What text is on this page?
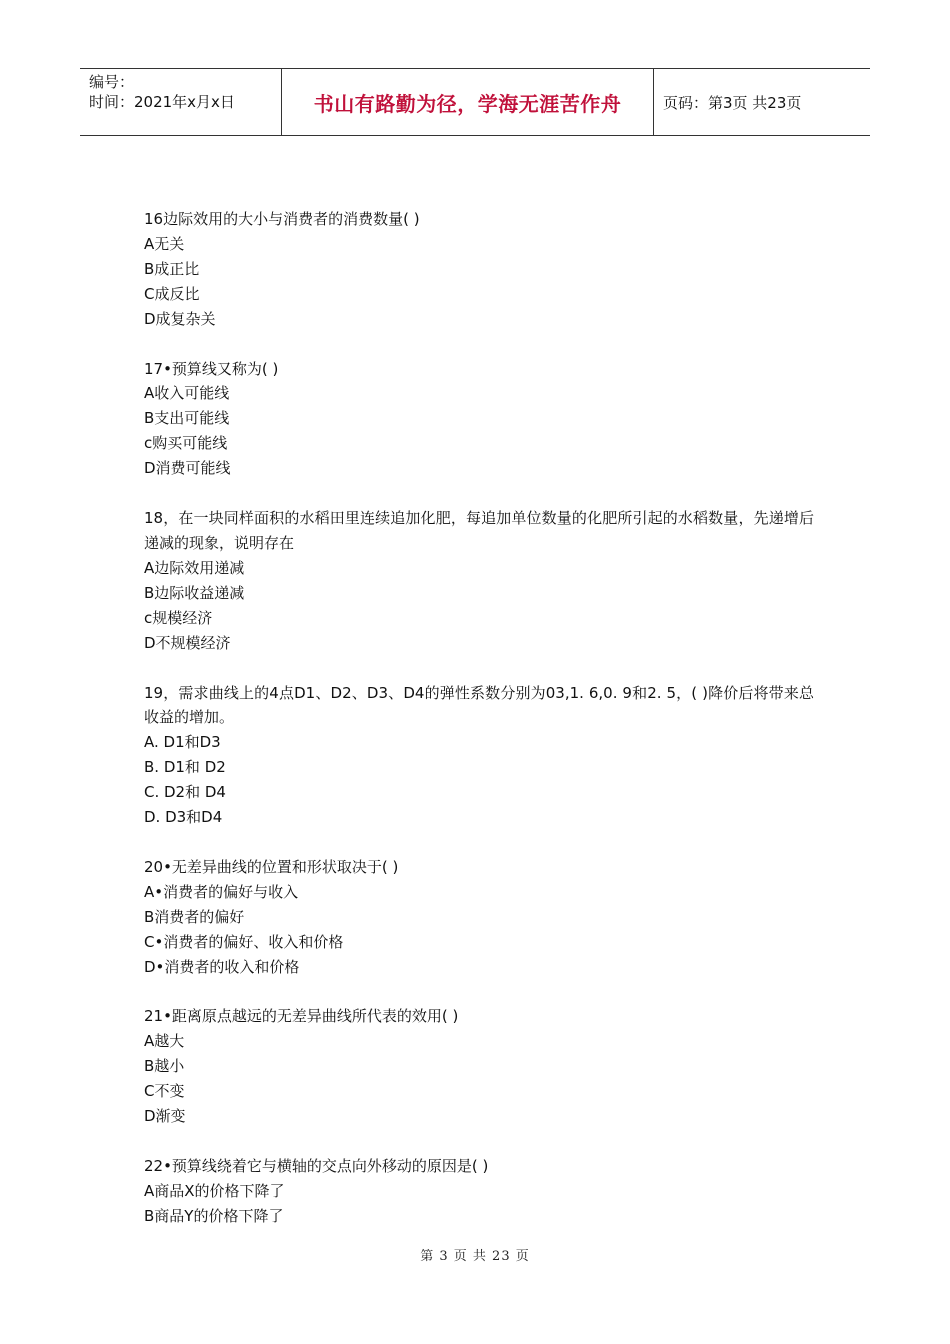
编号：
时间：2021年x月x日	书山有路勤为径，学海无涯苦作舟	页码：第3页 共23页
16边际效用的大小与消费者的消费数量( )
A无关
B成正比
C成反比
D成复杂关
17•预算线又称为( )
A收入可能线
B支出可能线
c购买可能线
D消费可能线
18，在一块同样面积的水稻田里连续追加化肥，每追加单位数量的化肥所引起的水稻数量，先递增后递减的现象，说明存在
A边际效用递减
B边际收益递减
c规模经济
D不规模经济
19，需求曲线上的4点D1、D2、D3、D4的弹性系数分别为03,1. 6,0. 9和2. 5，( )降价后将带来总收益的增加。
A. D1和D3
B. D1和 D2
C. D2和 D4
D. D3和D4
20•无差异曲线的位置和形状取决于( )
A•消费者的偏好与收入
B消费者的偏好
C•消费者的偏好、收入和价格
D•消费者的收入和价格
21•距离原点越远的无差异曲线所代表的效用( )
A越大
B越小
C不变
D渐变
22•预算线绕着它与横轴的交点向外移动的原因是( )
A商品X的价格下降了
B商品Y的价格下降了
第 3 页 共 23 页
